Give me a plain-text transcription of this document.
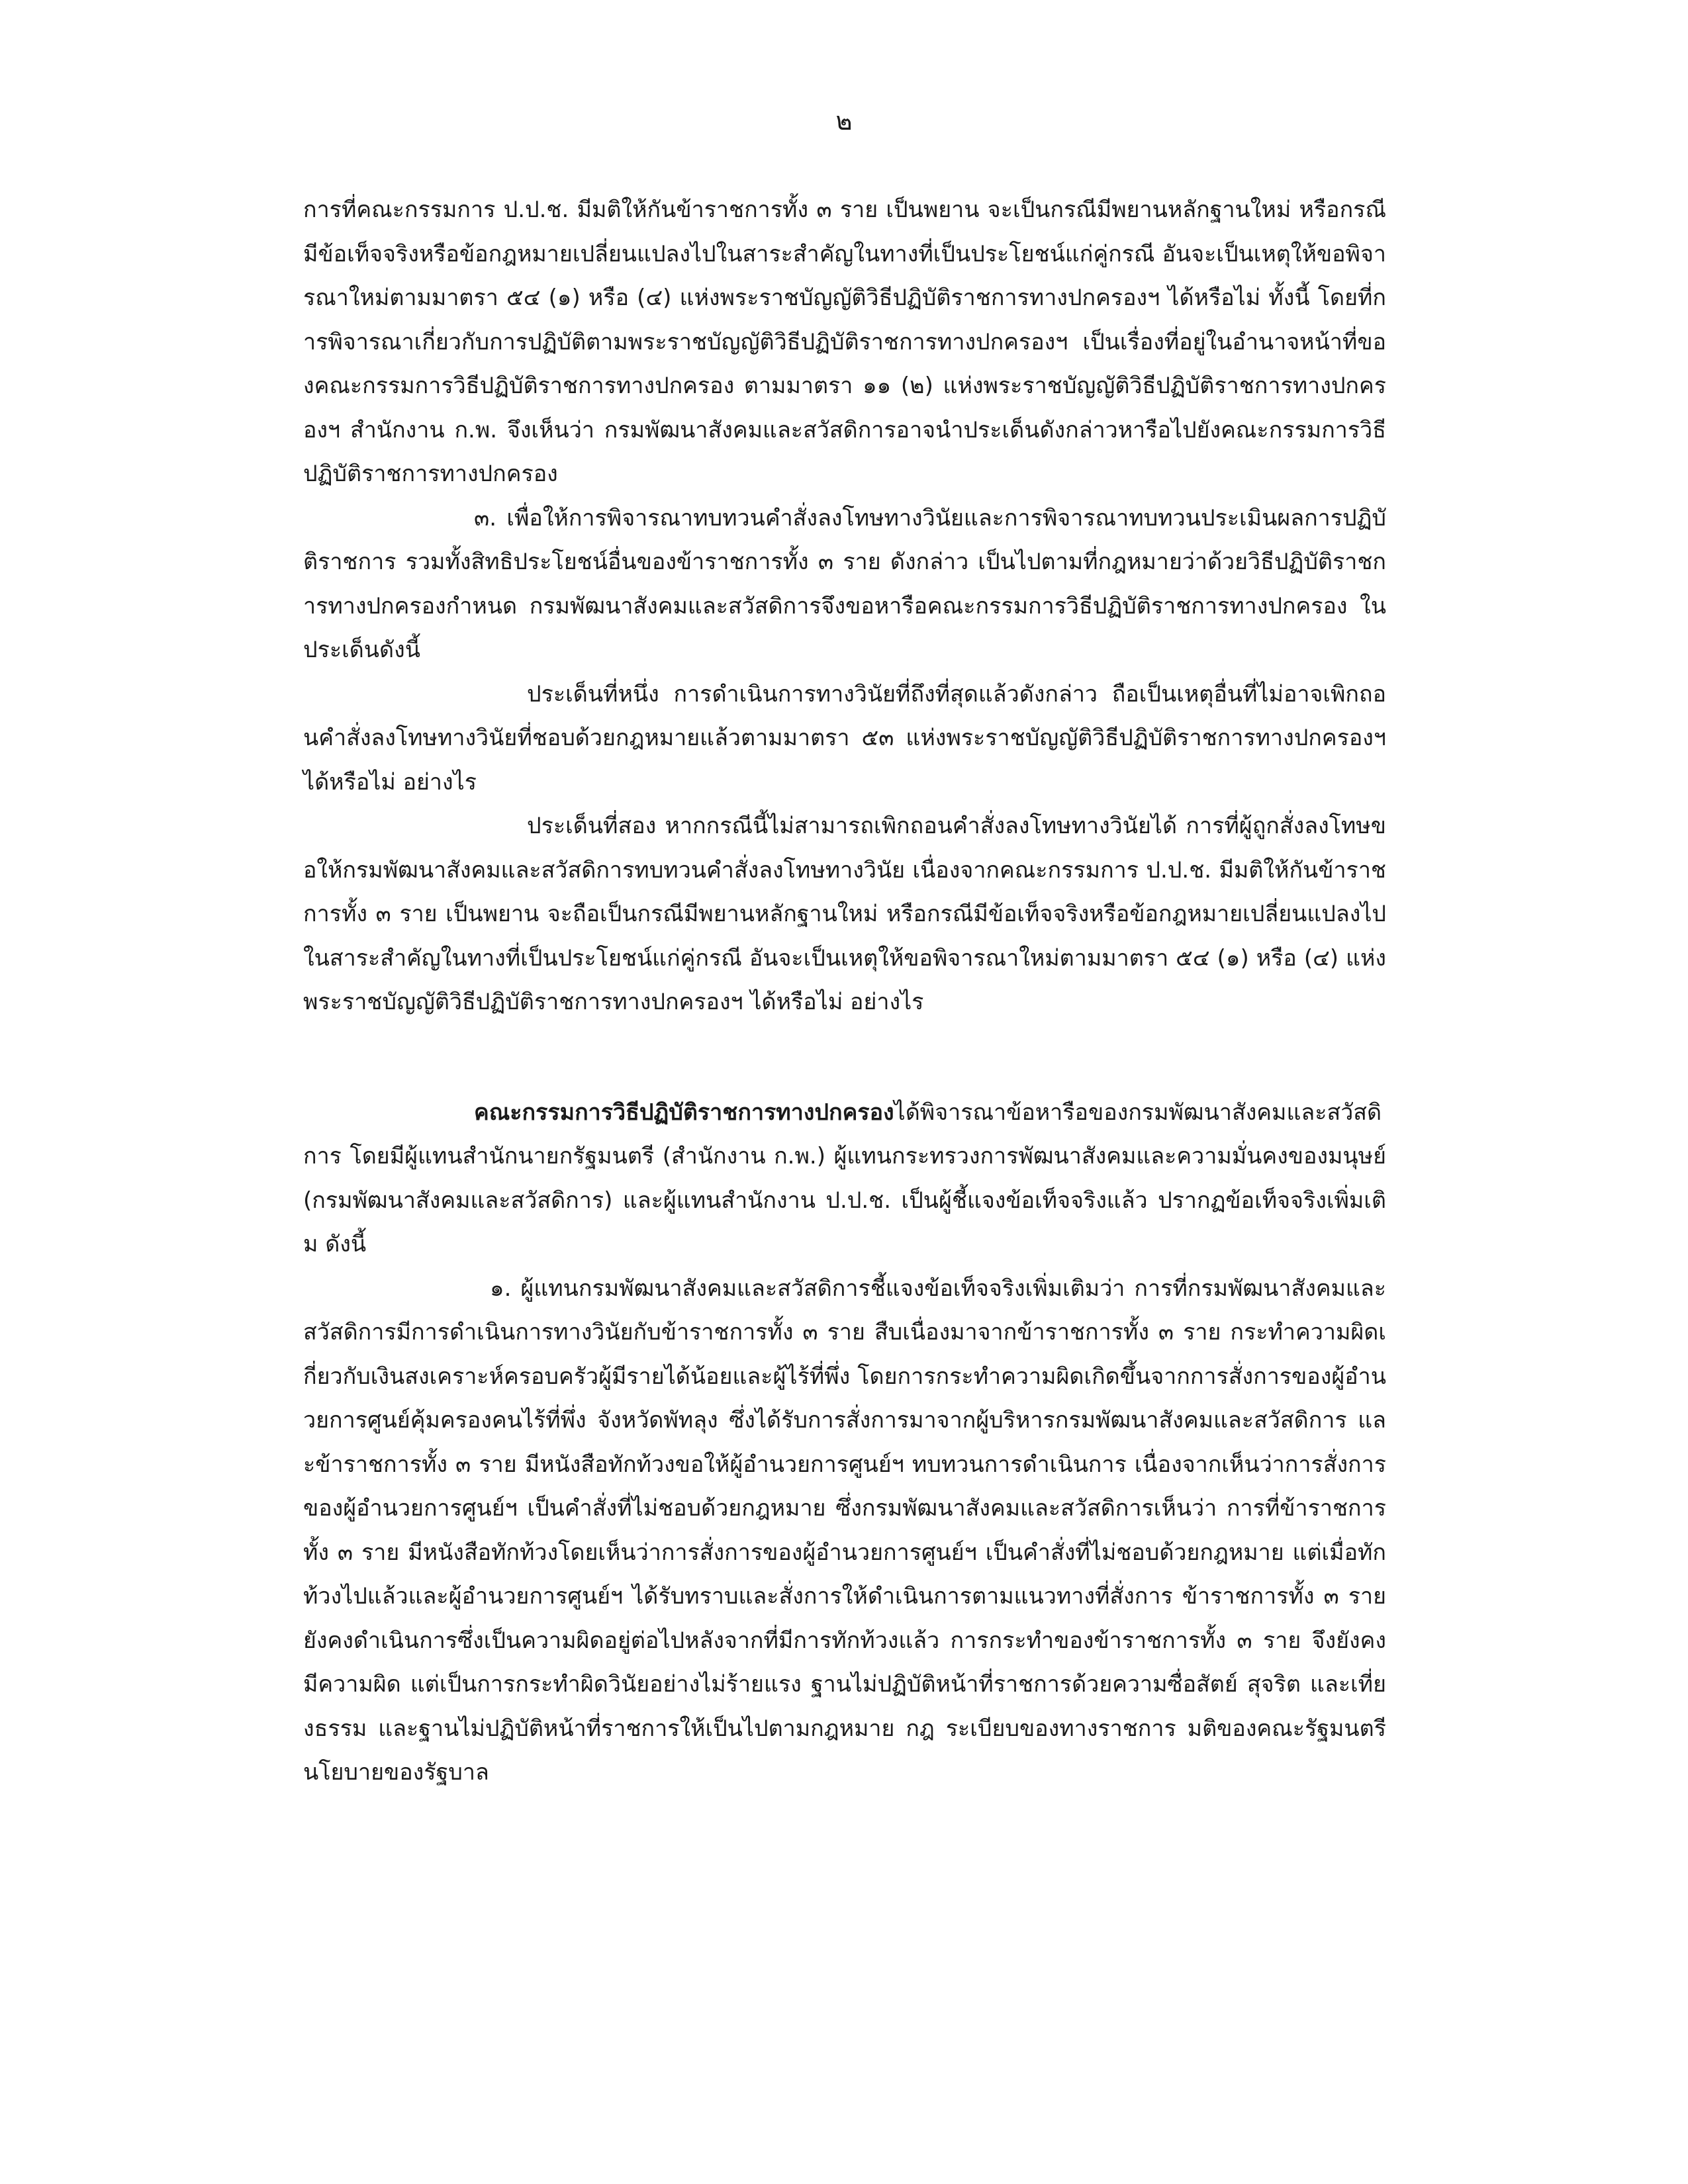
๒

การที่คณะกรรมการ ป.ป.ช. มีมติให้กันข้าราชการทั้ง ๓ ราย เป็นพยาน จะเป็นกรณีมีพยานหลักฐานใหม่ หรือกรณีมีข้อเท็จจริงหรือข้อกฎหมายเปลี่ยนแปลงไปในสาระสำคัญในทางที่เป็นประโยชน์แก่คู่กรณี อันจะเป็นเหตุให้ขอพิจารณาใหม่ตามมาตรา ๕๔ (๑) หรือ (๔) แห่งพระราชบัญญัติวิธีปฏิบัติราชการทางปกครองฯ ได้หรือไม่ ทั้งนี้ โดยที่การพิจารณาเกี่ยวกับการปฏิบัติตามพระราชบัญญัติวิธีปฏิบัติราชการทางปกครองฯ เป็นเรื่องที่อยู่ในอำนาจหน้าที่ของคณะกรรมการวิธีปฏิบัติราชการทางปกครอง ตามมาตรา ๑๑ (๒) แห่งพระราชบัญญัติวิธีปฏิบัติราชการทางปกครองฯ สำนักงาน ก.พ. จึงเห็นว่า กรมพัฒนาสังคมและสวัสดิการอาจนำประเด็นดังกล่าวหารือไปยังคณะกรรมการวิธีปฏิบัติราชการทางปกครอง

๓. เพื่อให้การพิจารณาทบทวนคำสั่งลงโทษทางวินัยและการพิจารณาทบทวนประเมินผลการปฏิบัติราชการ รวมทั้งสิทธิประโยชน์อื่นของข้าราชการทั้ง ๓ ราย ดังกล่าว เป็นไปตามที่กฎหมายว่าด้วยวิธีปฏิบัติราชการทางปกครองกำหนด กรมพัฒนาสังคมและสวัสดิการจึงขอหารือคณะกรรมการวิธีปฏิบัติราชการทางปกครอง ในประเด็นดังนี้

ประเด็นที่หนึ่ง การดำเนินการทางวินัยที่ถึงที่สุดแล้วดังกล่าว ถือเป็นเหตุอื่นที่ไม่อาจเพิกถอนคำสั่งลงโทษทางวินัยที่ชอบด้วยกฎหมายแล้วตามมาตรา ๕๓ แห่งพระราชบัญญัติวิธีปฏิบัติราชการทางปกครองฯ ได้หรือไม่ อย่างไร

ประเด็นที่สอง หากกรณีนี้ไม่สามารถเพิกถอนคำสั่งลงโทษทางวินัยได้ การที่ผู้ถูกสั่งลงโทษขอให้กรมพัฒนาสังคมและสวัสดิการทบทวนคำสั่งลงโทษทางวินัย เนื่องจากคณะกรรมการ ป.ป.ช. มีมติให้กันข้าราชการทั้ง ๓ ราย เป็นพยาน จะถือเป็นกรณีมีพยานหลักฐานใหม่ หรือกรณีมีข้อเท็จจริงหรือข้อกฎหมายเปลี่ยนแปลงไปในสาระสำคัญในทางที่เป็นประโยชน์แก่คู่กรณี อันจะเป็นเหตุให้ขอพิจารณาใหม่ตามมาตรา ๕๔ (๑) หรือ (๔) แห่งพระราชบัญญัติวิธีปฏิบัติราชการทางปกครองฯ ได้หรือไม่ อย่างไร

คณะกรรมการวิธีปฏิบัติราชการทางปกครองได้พิจารณาข้อหารือของกรมพัฒนาสังคมและสวัสดิการ โดยมีผู้แทนสำนักนายกรัฐมนตรี (สำนักงาน ก.พ.) ผู้แทนกระทรวงการพัฒนาสังคมและความมั่นคงของมนุษย์ (กรมพัฒนาสังคมและสวัสดิการ) และผู้แทนสำนักงาน ป.ป.ช. เป็นผู้ชี้แจงข้อเท็จจริงแล้ว ปรากฏข้อเท็จจริงเพิ่มเติม ดังนี้

๑. ผู้แทนกรมพัฒนาสังคมและสวัสดิการชี้แจงข้อเท็จจริงเพิ่มเติมว่า การที่กรมพัฒนาสังคมและสวัสดิการมีการดำเนินการทางวินัยกับข้าราชการทั้ง ๓ ราย สืบเนื่องมาจากข้าราชการทั้ง ๓ ราย กระทำความผิดเกี่ยวกับเงินสงเคราะห์ครอบครัวผู้มีรายได้น้อยและผู้ไร้ที่พึ่ง โดยการกระทำความผิดเกิดขึ้นจากการสั่งการของผู้อำนวยการศูนย์คุ้มครองคนไร้ที่พึ่ง จังหวัดพัทลุง ซึ่งได้รับการสั่งการมาจากผู้บริหารกรมพัฒนาสังคมและสวัสดิการ และข้าราชการทั้ง ๓ ราย มีหนังสือทักท้วงขอให้ผู้อำนวยการศูนย์ฯ ทบทวนการดำเนินการ เนื่องจากเห็นว่าการสั่งการของผู้อำนวยการศูนย์ฯ เป็นคำสั่งที่ไม่ชอบด้วยกฎหมาย ซึ่งกรมพัฒนาสังคมและสวัสดิการเห็นว่า การที่ข้าราชการทั้ง ๓ ราย มีหนังสือทักท้วงโดยเห็นว่าการสั่งการของผู้อำนวยการศูนย์ฯ เป็นคำสั่งที่ไม่ชอบด้วยกฎหมาย แต่เมื่อทักท้วงไปแล้วและผู้อำนวยการศูนย์ฯ ได้รับทราบและสั่งการให้ดำเนินการตามแนวทางที่สั่งการ ข้าราชการทั้ง ๓ ราย ยังคงดำเนินการซึ่งเป็นความผิดอยู่ต่อไปหลังจากที่มีการทักท้วงแล้ว การกระทำของข้าราชการทั้ง ๓ ราย จึงยังคงมีความผิด แต่เป็นการกระทำผิดวินัยอย่างไม่ร้ายแรง ฐานไม่ปฏิบัติหน้าที่ราชการด้วยความซื่อสัตย์ สุจริต และเที่ยงธรรม และฐานไม่ปฏิบัติหน้าที่ราชการให้เป็นไปตามกฎหมาย กฎ ระเบียบของทางราชการ มติของคณะรัฐมนตรี นโยบายของรัฐบาล
